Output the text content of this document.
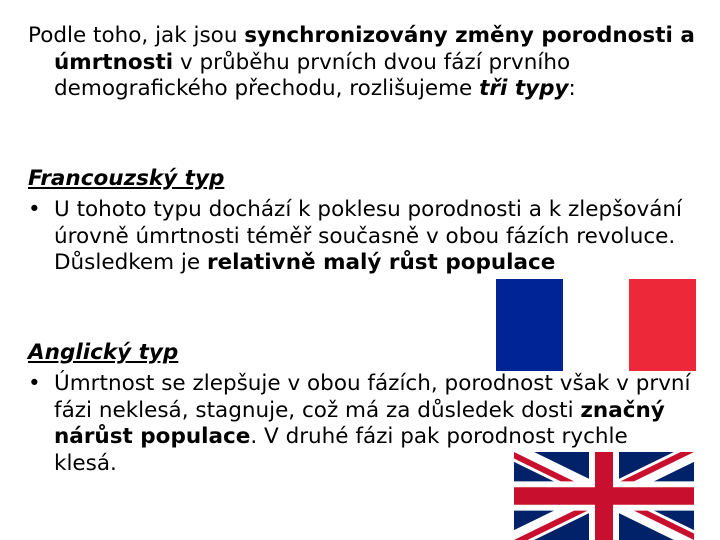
Podle toho, jak jsou synchronizovány změny porodnosti a úmrtnosti v průběhu prvních dvou fází prvního demografického přechodu, rozlišujeme tři typy:
Francouzský typ
• U tohoto typu dochází k poklesu porodnosti a k zlepšování úrovně úmrtnosti téměř současně v obou fázích revoluce. Důsledkem je relativně malý růst populace
Anglický typ
• Úmrtnost se zlepšuje v obou fázích, porodnost však v první fázi neklesá, stagnuje, což má za důsledek dosti značný nárůst populace. V druhé fázi pak porodnost rychle klesá.
